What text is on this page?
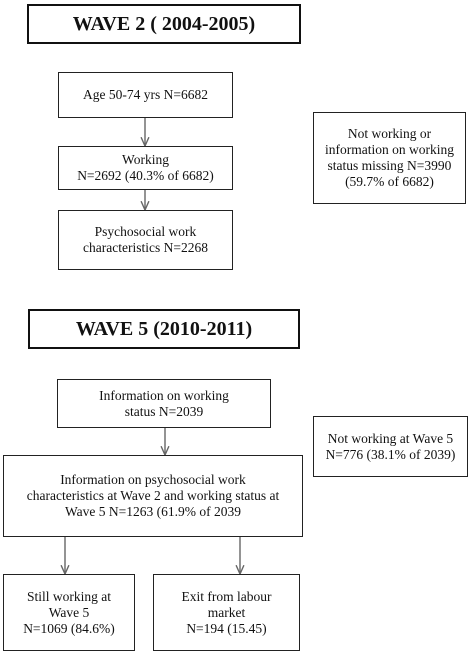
WAVE 2 ( 2004-2005)
Age 50-74 yrs N=6682
Working
N=2692 (40.3% of 6682)
Psychosocial work
characteristics N=2268
Not working or
information on working
status missing N=3990
(59.7% of 6682)
WAVE 5 (2010-2011)
Information on working
status N=2039
Not working at Wave 5
N=776 (38.1% of 2039)
Information on psychosocial work
characteristics at Wave 2 and working status at
Wave 5 N=1263 (61.9% of 2039
Still working at
Wave 5
N=1069 (84.6%)
Exit from labour
market
N=194 (15.45)
